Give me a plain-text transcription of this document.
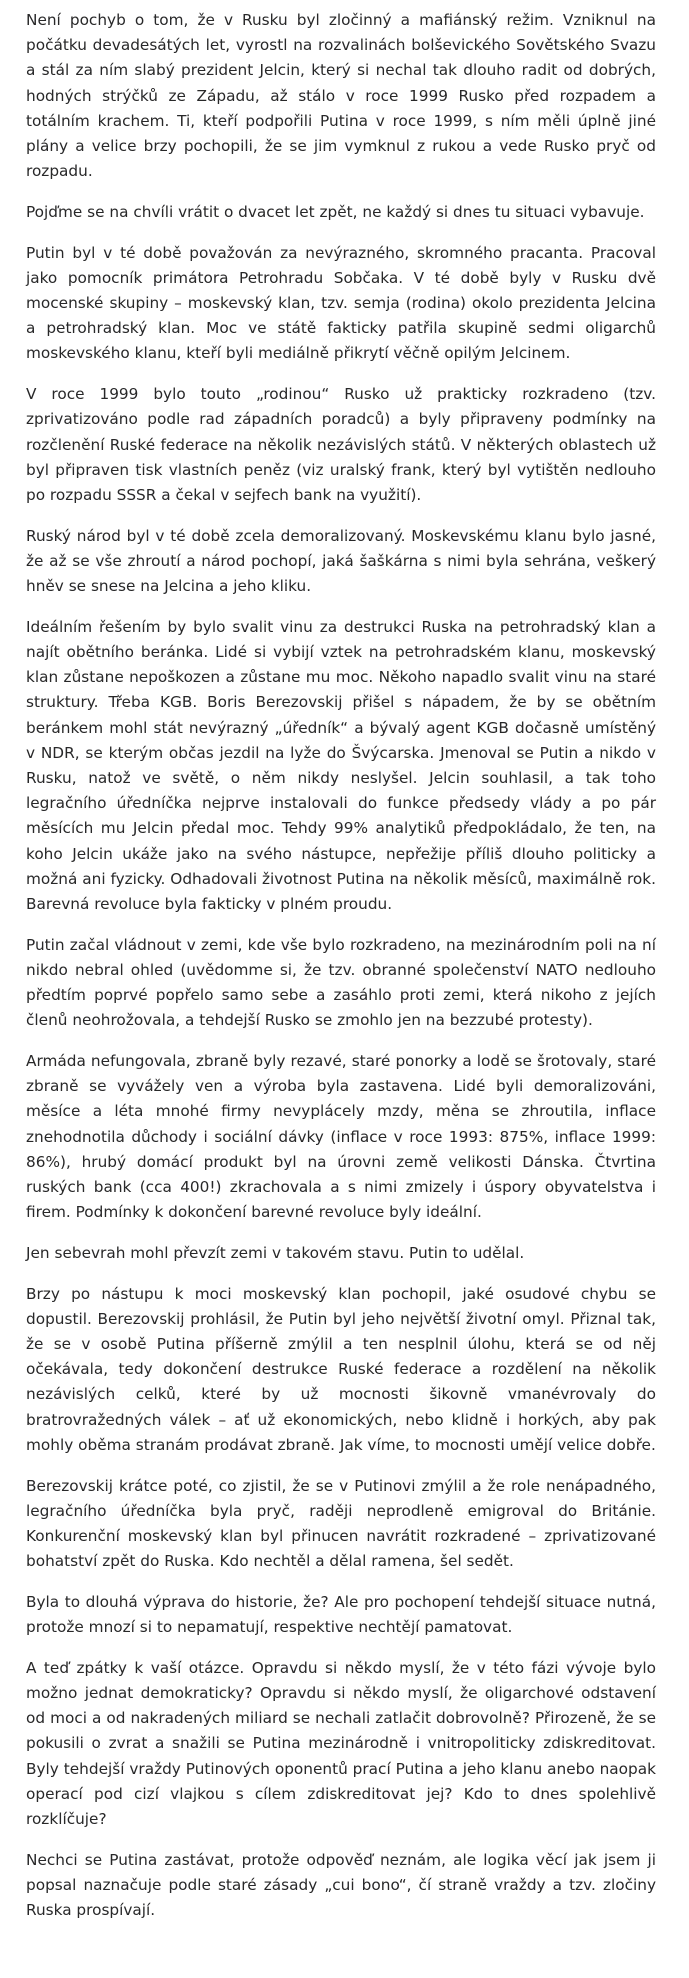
Není pochyb o tom, že v Rusku byl zločinný a mafiánský režim. Vzniknul na počátku devadesátých let, vyrostl na rozvalinách bolševického Sovětského Svazu a stál za ním slabý prezident Jelcin, který si nechal tak dlouho radit od dobrých, hodných strýčků ze Západu, až stálo v roce 1999 Rusko před rozpadem a totálním krachem. Ti, kteří podpořili Putina v roce 1999, s ním měli úplně jiné plány a velice brzy pochopili, že se jim vymknul z rukou a vede Rusko pryč od rozpadu.

Pojďme se na chvíli vrátit o dvacet let zpět, ne každý si dnes tu situaci vybavuje.

Putin byl v té době považován za nevýrazného, skromného pracanta. Pracoval jako pomocník primátora Petrohradu Sobčaka. V té době byly v Rusku dvě mocenské skupiny – moskevský klan, tzv. semja (rodina) okolo prezidenta Jelcina a petrohradský klan. Moc ve státě fakticky patřila skupině sedmi oligarchů moskevského klanu, kteří byli mediálně přikrytí věčně opilým Jelcinem.

V roce 1999 bylo touto „rodinou“ Rusko už prakticky rozkradeno (tzv. zprivatizováno podle rad západních poradců) a byly připraveny podmínky na rozčlenění Ruské federace na několik nezávislých států. V některých oblastech už byl připraven tisk vlastních peněz (viz uralský frank, který byl vytištěn nedlouho po rozpadu SSSR a čekal v sejfech bank na využití).

Ruský národ byl v té době zcela demoralizovaný. Moskevskému klanu bylo jasné, že až se vše zhroutí a národ pochopí, jaká šaškárna s nimi byla sehrána, veškerý hněv se snese na Jelcina a jeho kliku.

Ideálním řešením by bylo svalit vinu za destrukci Ruska na petrohradský klan a najít obětního beránka. Lidé si vybijí vztek na petrohradském klanu, moskevský klan zůstane nepoškozen a zůstane mu moc. Někoho napadlo svalit vinu na staré struktury. Třeba KGB. Boris Berezovskij přišel s nápadem, že by se obětním beránkem mohl stát nevýrazný „úředník“ a bývalý agent KGB dočasně umístěný v NDR, se kterým občas jezdil na lyže do Švýcarska. Jmenoval se Putin a nikdo v Rusku, natož ve světě, o něm nikdy neslyšel. Jelcin souhlasil, a tak toho legračního úředníčka nejprve instalovali do funkce předsedy vlády a po pár měsících mu Jelcin předal moc. Tehdy 99% analytiků předpokládalo, že ten, na koho Jelcin ukáže jako na svého nástupce, nepřežije příliš dlouho politicky a možná ani fyzicky. Odhadovali životnost Putina na několik měsíců, maximálně rok. Barevná revoluce byla fakticky v plném proudu.

Putin začal vládnout v zemi, kde vše bylo rozkradeno, na mezinárodním poli na ní nikdo nebral ohled (uvědomme si, že tzv. obranné společenství NATO nedlouho předtím poprvé popřelo samo sebe a zasáhlo proti zemi, která nikoho z jejích členů neohrožovala, a tehdejší Rusko se zmohlo jen na bezzubé protesty).

Armáda nefungovala, zbraně byly rezavé, staré ponorky a lodě se šrotovaly, staré zbraně se vyvážely ven a výroba byla zastavena. Lidé byli demoralizováni, měsíce a léta mnohé firmy nevyplácely mzdy, měna se zhroutila, inflace znehodnotila důchody i sociální dávky (inflace v roce 1993: 875%, inflace 1999: 86%), hrubý domácí produkt byl na úrovni země velikosti Dánska. Čtvrtina ruských bank (cca 400!) zkrachovala a s nimi zmizely i úspory obyvatelstva i firem. Podmínky k dokončení barevné revoluce byly ideální.

Jen sebevrah mohl převzít zemi v takovém stavu. Putin to udělal.

Brzy po nástupu k moci moskevský klan pochopil, jaké osudové chybu se dopustil. Berezovskij prohlásil, že Putin byl jeho největší životní omyl. Přiznal tak, že se v osobě Putina příšerně zmýlil a ten nesplnil úlohu, která se od něj očekávala, tedy dokončení destrukce Ruské federace a rozdělení na několik nezávislých celků, které by už mocnosti šikovně vmanévrovaly do bratrovražedných válek – ať už ekonomických, nebo klidně i horkých, aby pak mohly oběma stranám prodávat zbraně. Jak víme, to mocnosti umějí velice dobře.

Berezovskij krátce poté, co zjistil, že se v Putinovi zmýlil a že role nenápadného, legračního úředníčka byla pryč, raději neprodleně emigroval do Británie. Konkurenční moskevský klan byl přinucen navrátit rozkradené – zprivatizované bohatství zpět do Ruska. Kdo nechtěl a dělal ramena, šel sedět.

Byla to dlouhá výprava do historie, že? Ale pro pochopení tehdejší situace nutná, protože mnozí si to nepamatují, respektive nechtějí pamatovat.

A teď zpátky k vaší otázce. Opravdu si někdo myslí, že v této fázi vývoje bylo možno jednat demokraticky? Opravdu si někdo myslí, že oligarchové odstavení od moci a od nakradených miliard se nechali zatlačit dobrovolně? Přirozeně, že se pokusili o zvrat a snažili se Putina mezinárodně i vnitropoliticky zdiskreditovat. Byly tehdejší vraždy Putinových oponentů prací Putina a jeho klanu anebo naopak operací pod cizí vlajkou s cílem zdiskreditovat jej? Kdo to dnes spolehlivě rozklíčuje?

Nechci se Putina zastávat, protože odpověď neznám, ale logika věcí jak jsem ji popsal naznačuje podle staré zásady „cui bono“, čí straně vraždy a tzv. zločiny Ruska prospívají.
